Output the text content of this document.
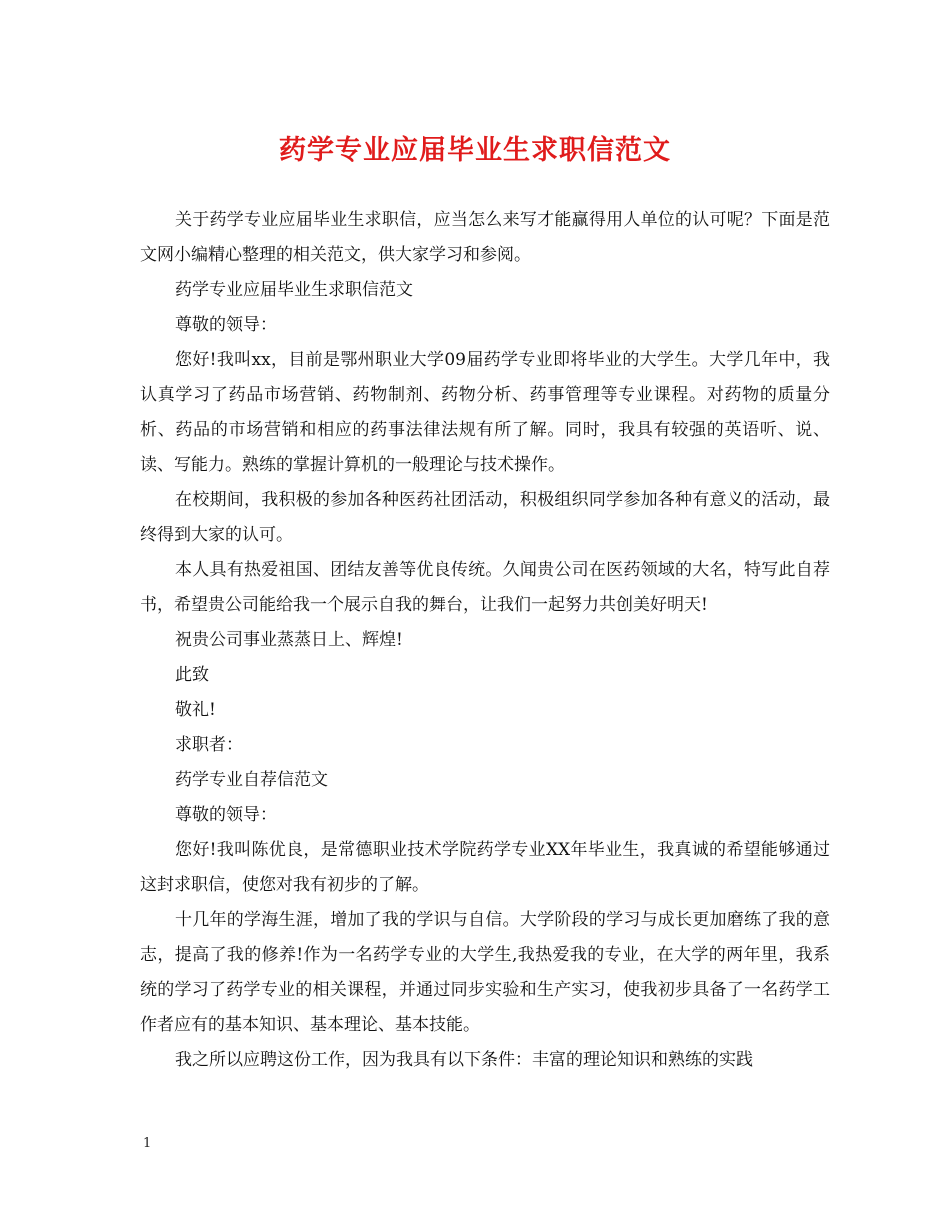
药学专业应届毕业生求职信范文

关于药学专业应届毕业生求职信，应当怎么来写才能赢得用人单位的认可呢？下面是范文网小编精心整理的相关范文，供大家学习和参阅。

药学专业应届毕业生求职信范文

尊敬的领导：

您好!我叫xx，目前是鄂州职业大学09届药学专业即将毕业的大学生。大学几年中，我认真学习了药品市场营销、药物制剂、药物分析、药事管理等专业课程。对药物的质量分析、药品的市场营销和相应的药事法律法规有所了解。同时，我具有较强的英语听、说、读、写能力。熟练的掌握计算机的一般理论与技术操作。

在校期间，我积极的参加各种医药社团活动，积极组织同学参加各种有意义的活动，最终得到大家的认可。

本人具有热爱祖国、团结友善等优良传统。久闻贵公司在医药领域的大名，特写此自荐书，希望贵公司能给我一个展示自我的舞台，让我们一起努力共创美好明天!

祝贵公司事业蒸蒸日上、辉煌!

此致

敬礼!

求职者：

药学专业自荐信范文

尊敬的领导：

您好!我叫陈优良，是常德职业技术学院药学专业XX年毕业生，我真诚的希望能够通过这封求职信，使您对我有初步的了解。

十几年的学海生涯，增加了我的学识与自信。大学阶段的学习与成长更加磨练了我的意志，提高了我的修养!作为一名药学专业的大学生,我热爱我的专业，在大学的两年里，我系统的学习了药学专业的相关课程，并通过同步实验和生产实习，使我初步具备了一名药学工作者应有的基本知识、基本理论、基本技能。

我之所以应聘这份工作，因为我具有以下条件：丰富的理论知识和熟练的实践

1
